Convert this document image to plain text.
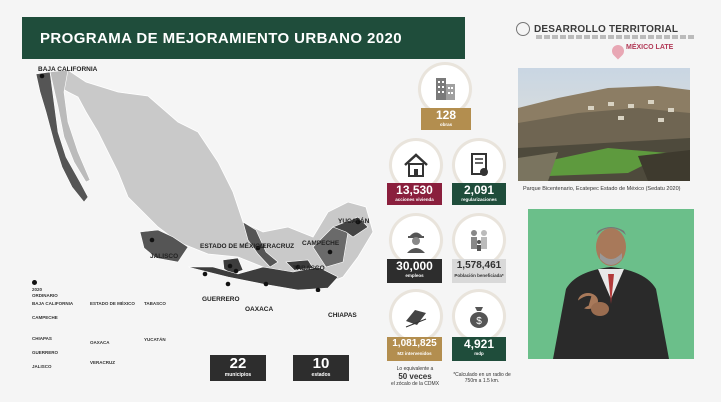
PROGRAMA DE MEJORAMIENTO URBANO 2020
DESARROLLO TERRITORIAL
MÉXICO LATE
BAJA CALIFORNIA
JALISCO
ESTADO DE MÉXICO
VERACRUZ CAMPECHE
YUCATÁN
TABASCO
GUERRERO
OAXACA
CHIAPAS
2020
ORDINARIO
BAJA CALIFORNIA
CAMPECHE
CHIAPAS
GUERRERO
JALISCO
ESTADO DE MÉXICO
OAXACA
VERACRUZ
TABASCO
YUCATÁN
22
municipios
10
estados
128
obras
13,530
acciones vivienda
2,091
regularizaciones
30,000
empleos
1,578,461
Población beneficiada*
1,081,825
M2 intervenidos
$
4,921
mdp
Lo equivalente a
50 veces
el zócalo de la CDMX
*Calculado en un radio de 750m a 1.5 km.
Parque Bicentenario, Ecatepec Estado de México (Sedatu 2020)
